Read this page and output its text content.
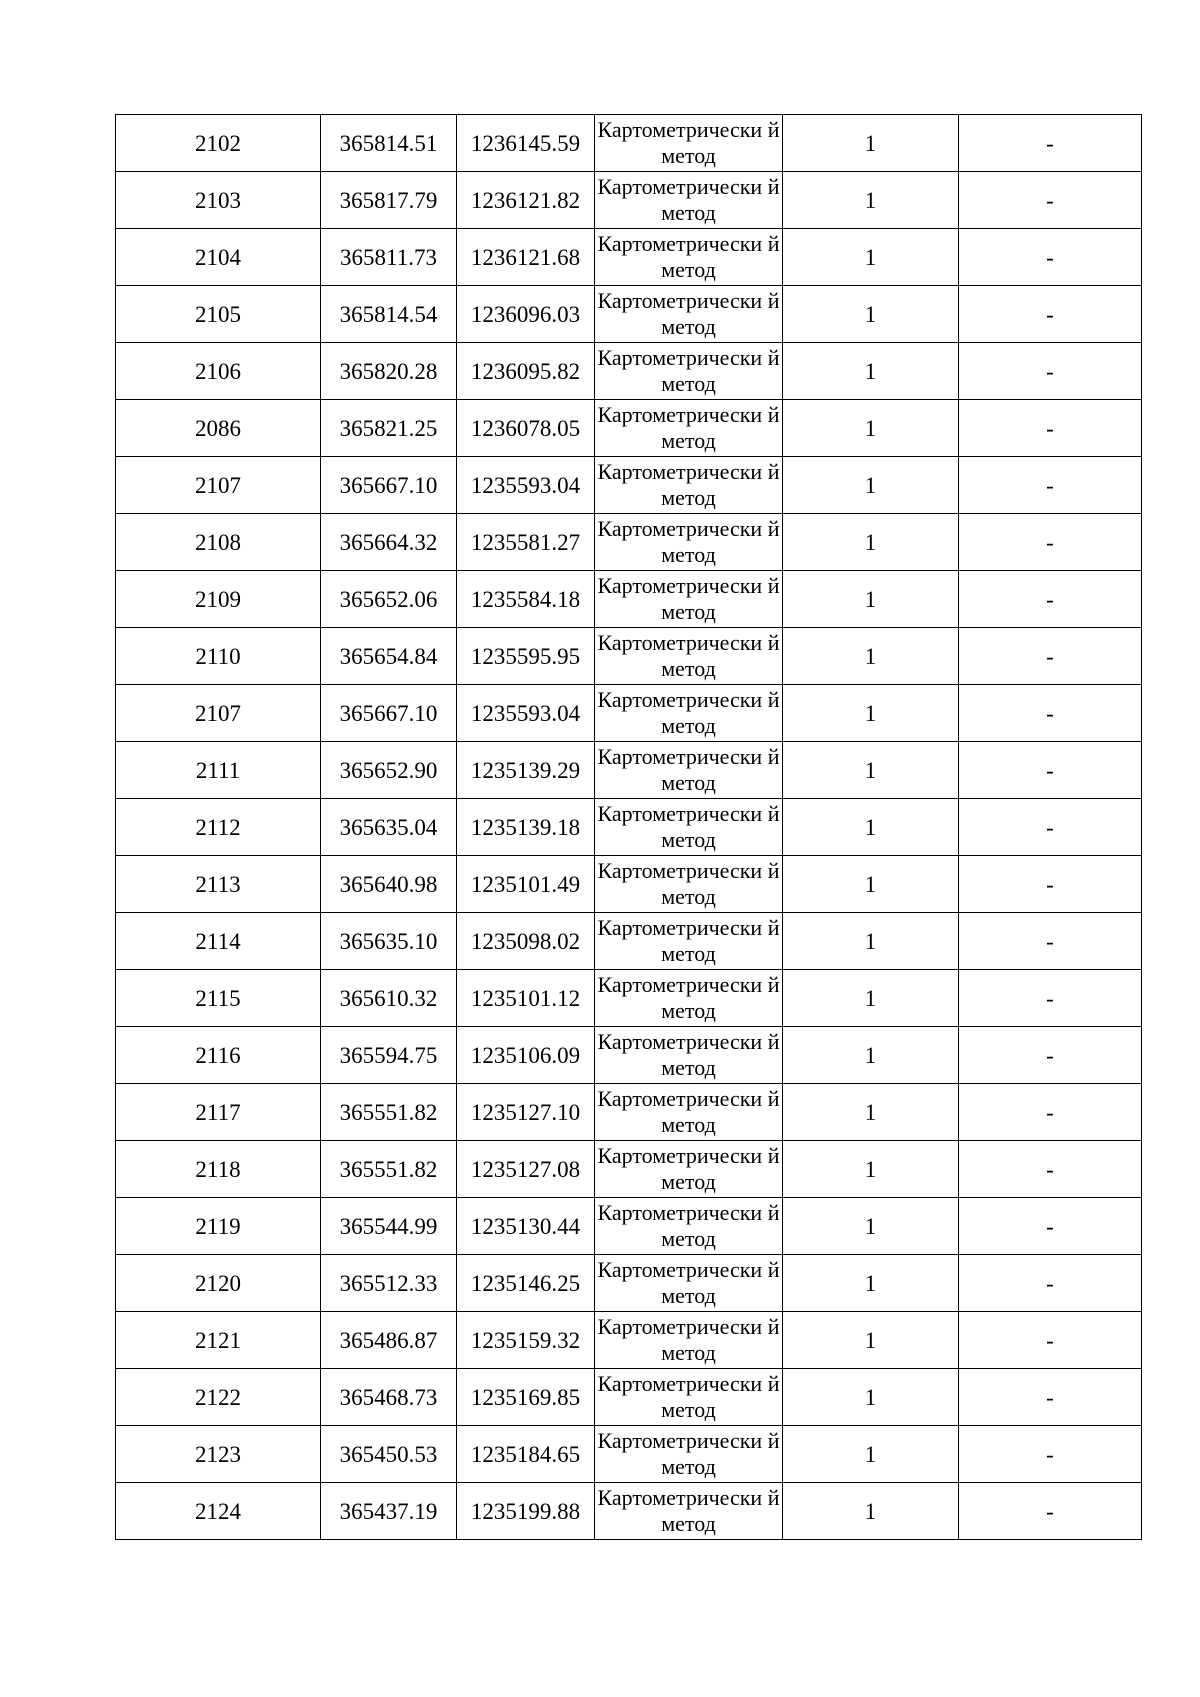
2102	365814.51	1236145.59	Картометрически й метод	1	-
2103	365817.79	1236121.82	Картометрически й метод	1	-
2104	365811.73	1236121.68	Картометрически й метод	1	-
2105	365814.54	1236096.03	Картометрически й метод	1	-
2106	365820.28	1236095.82	Картометрически й метод	1	-
2086	365821.25	1236078.05	Картометрически й метод	1	-
2107	365667.10	1235593.04	Картометрически й метод	1	-
2108	365664.32	1235581.27	Картометрически й метод	1	-
2109	365652.06	1235584.18	Картометрически й метод	1	-
2110	365654.84	1235595.95	Картометрически й метод	1	-
2107	365667.10	1235593.04	Картометрически й метод	1	-
2111	365652.90	1235139.29	Картометрически й метод	1	-
2112	365635.04	1235139.18	Картометрически й метод	1	-
2113	365640.98	1235101.49	Картометрически й метод	1	-
2114	365635.10	1235098.02	Картометрически й метод	1	-
2115	365610.32	1235101.12	Картометрически й метод	1	-
2116	365594.75	1235106.09	Картометрически й метод	1	-
2117	365551.82	1235127.10	Картометрически й метод	1	-
2118	365551.82	1235127.08	Картометрически й метод	1	-
2119	365544.99	1235130.44	Картометрически й метод	1	-
2120	365512.33	1235146.25	Картометрически й метод	1	-
2121	365486.87	1235159.32	Картометрически й метод	1	-
2122	365468.73	1235169.85	Картометрически й метод	1	-
2123	365450.53	1235184.65	Картометрически й метод	1	-
2124	365437.19	1235199.88	Картометрически й метод	1	-
